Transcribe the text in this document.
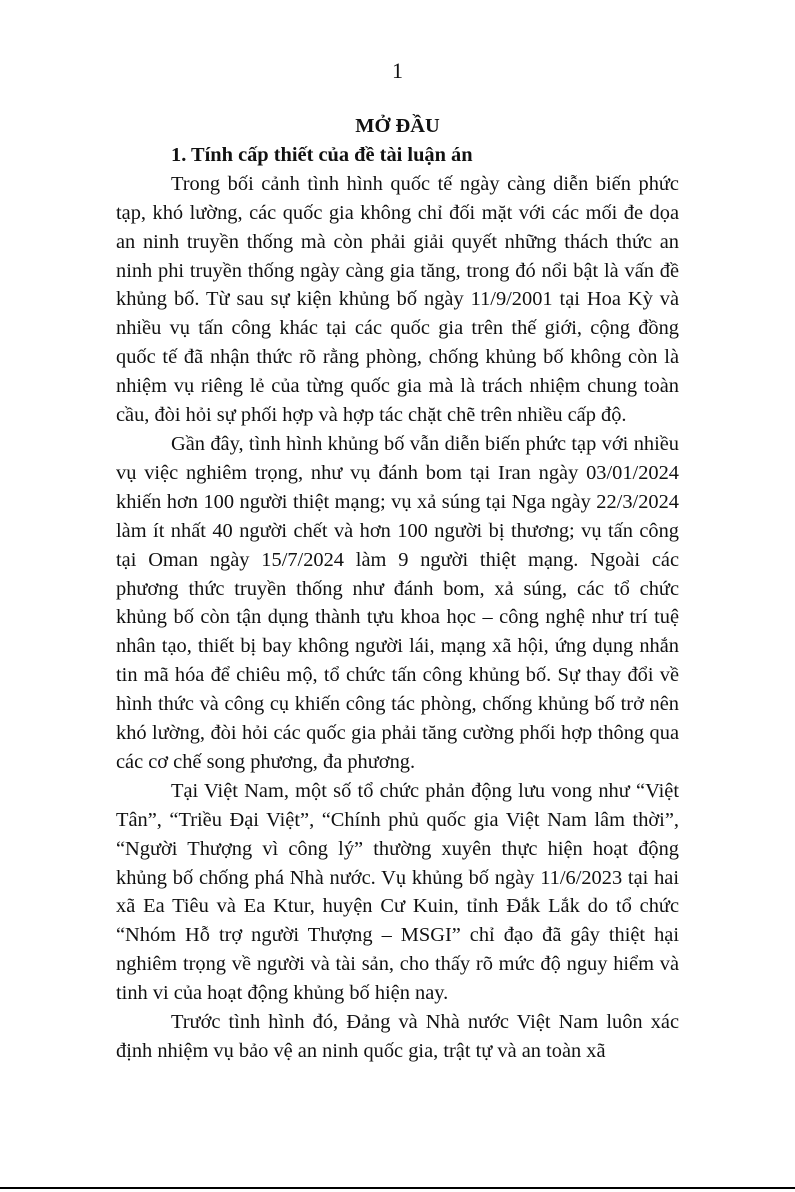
1
MỞ ĐẦU
1. Tính cấp thiết của đề tài luận án

Trong bối cảnh tình hình quốc tế ngày càng diễn biến phức tạp, khó lường, các quốc gia không chỉ đối mặt với các mối đe dọa an ninh truyền thống mà còn phải giải quyết những thách thức an ninh phi truyền thống ngày càng gia tăng, trong đó nổi bật là vấn đề khủng bố. Từ sau sự kiện khủng bố ngày 11/9/2001 tại Hoa Kỳ và nhiều vụ tấn công khác tại các quốc gia trên thế giới, cộng đồng quốc tế đã nhận thức rõ rằng phòng, chống khủng bố không còn là nhiệm vụ riêng lẻ của từng quốc gia mà là trách nhiệm chung toàn cầu, đòi hỏi sự phối hợp và hợp tác chặt chẽ trên nhiều cấp độ.

Gần đây, tình hình khủng bố vẫn diễn biến phức tạp với nhiều vụ việc nghiêm trọng, như vụ đánh bom tại Iran ngày 03/01/2024 khiến hơn 100 người thiệt mạng; vụ xả súng tại Nga ngày 22/3/2024 làm ít nhất 40 người chết và hơn 100 người bị thương; vụ tấn công tại Oman ngày 15/7/2024 làm 9 người thiệt mạng. Ngoài các phương thức truyền thống như đánh bom, xả súng, các tổ chức khủng bố còn tận dụng thành tựu khoa học – công nghệ như trí tuệ nhân tạo, thiết bị bay không người lái, mạng xã hội, ứng dụng nhắn tin mã hóa để chiêu mộ, tổ chức tấn công khủng bố. Sự thay đổi về hình thức và công cụ khiến công tác phòng, chống khủng bố trở nên khó lường, đòi hỏi các quốc gia phải tăng cường phối hợp thông qua các cơ chế song phương, đa phương.

Tại Việt Nam, một số tổ chức phản động lưu vong như “Việt Tân”, “Triều Đại Việt”, “Chính phủ quốc gia Việt Nam lâm thời”, “Người Thượng vì công lý” thường xuyên thực hiện hoạt động khủng bố chống phá Nhà nước. Vụ khủng bố ngày 11/6/2023 tại hai xã Ea Tiêu và Ea Ktur, huyện Cư Kuin, tỉnh Đắk Lắk do tổ chức “Nhóm Hỗ trợ người Thượng – MSGI” chỉ đạo đã gây thiệt hại nghiêm trọng về người và tài sản, cho thấy rõ mức độ nguy hiểm và tinh vi của hoạt động khủng bố hiện nay.

Trước tình hình đó, Đảng và Nhà nước Việt Nam luôn xác định nhiệm vụ bảo vệ an ninh quốc gia, trật tự và an toàn xã
